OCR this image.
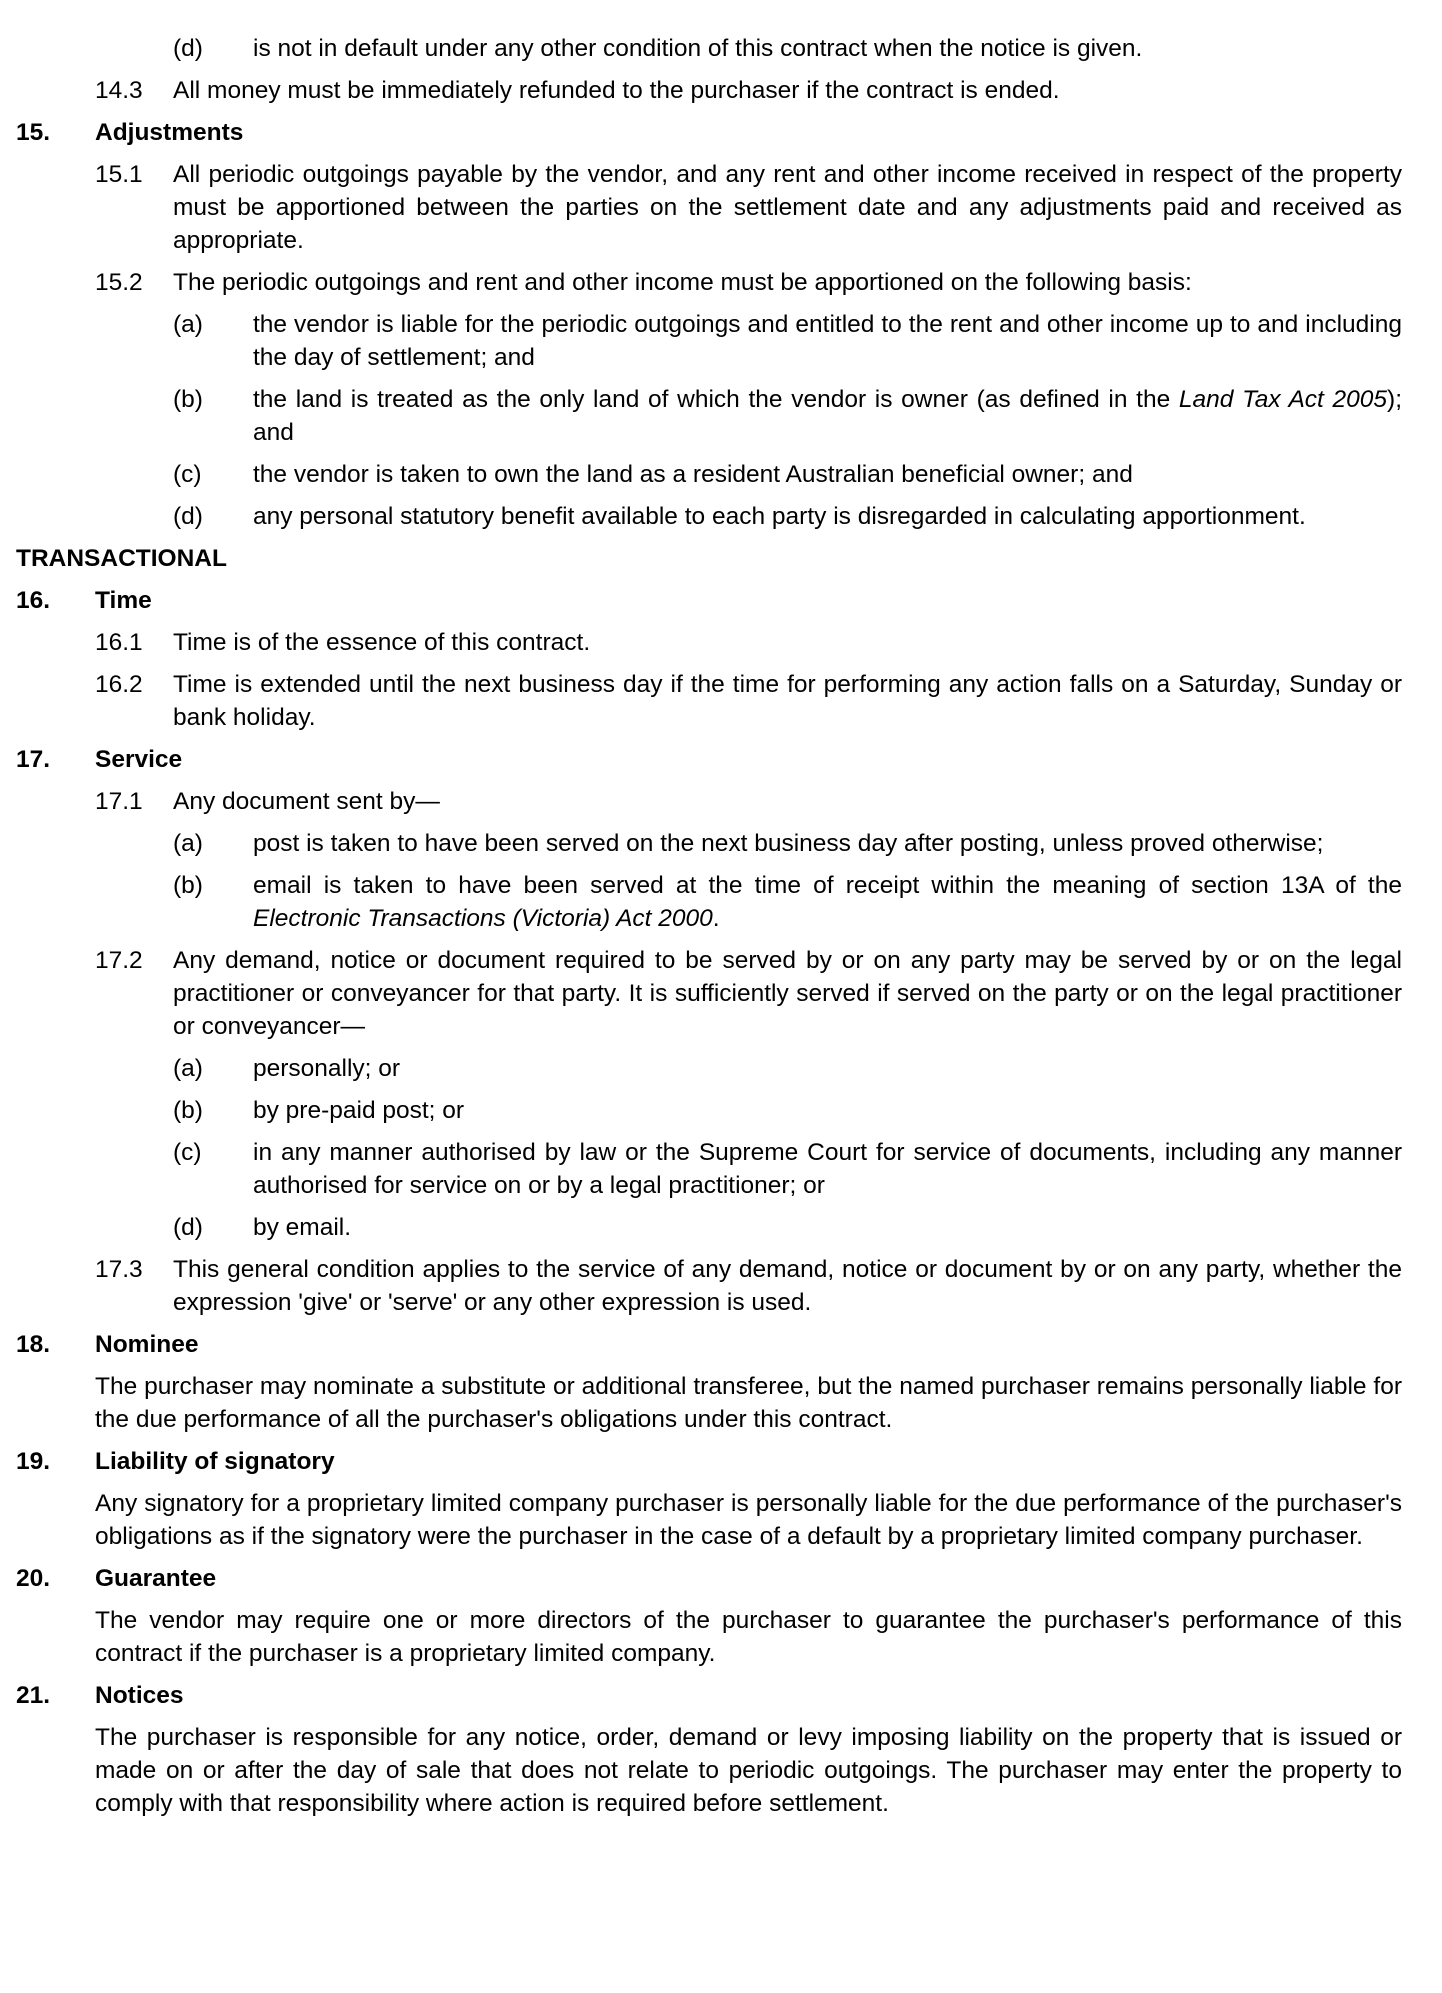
(d)	is not in default under any other condition of this contract when the notice is given.
14.3	All money must be immediately refunded to the purchaser if the contract is ended.
15.	Adjustments
15.1	All periodic outgoings payable by the vendor, and any rent and other income received in respect of the property must be apportioned between the parties on the settlement date and any adjustments paid and received as appropriate.
15.2	The periodic outgoings and rent and other income must be apportioned on the following basis:
(a)	the vendor is liable for the periodic outgoings and entitled to the rent and other income up to and including the day of settlement; and
(b)	the land is treated as the only land of which the vendor is owner (as defined in the Land Tax Act 2005); and
(c)	the vendor is taken to own the land as a resident Australian beneficial owner; and
(d)	any personal statutory benefit available to each party is disregarded in calculating apportionment.
TRANSACTIONAL
16.	Time
16.1	Time is of the essence of this contract.
16.2	Time is extended until the next business day if the time for performing any action falls on a Saturday, Sunday or bank holiday.
17.	Service
17.1	Any document sent by—
(a)	post is taken to have been served on the next business day after posting, unless proved otherwise;
(b)	email is taken to have been served at the time of receipt within the meaning of section 13A of the Electronic Transactions (Victoria) Act 2000.
17.2	Any demand, notice or document required to be served by or on any party may be served by or on the legal practitioner or conveyancer for that party. It is sufficiently served if served on the party or on the legal practitioner or conveyancer—
(a)	personally; or
(b)	by pre-paid post; or
(c)	in any manner authorised by law or the Supreme Court for service of documents, including any manner authorised for service on or by a legal practitioner; or
(d)	by email.
17.3	This general condition applies to the service of any demand, notice or document by or on any party, whether the expression 'give' or 'serve' or any other expression is used.
18.	Nominee
The purchaser may nominate a substitute or additional transferee, but the named purchaser remains personally liable for the due performance of all the purchaser's obligations under this contract.
19.	Liability of signatory
Any signatory for a proprietary limited company purchaser is personally liable for the due performance of the purchaser's obligations as if the signatory were the purchaser in the case of a default by a proprietary limited company purchaser.
20.	Guarantee
The vendor may require one or more directors of the purchaser to guarantee the purchaser's performance of this contract if the purchaser is a proprietary limited company.
21.	Notices
The purchaser is responsible for any notice, order, demand or levy imposing liability on the property that is issued or made on or after the day of sale that does not relate to periodic outgoings. The purchaser may enter the property to comply with that responsibility where action is required before settlement.
